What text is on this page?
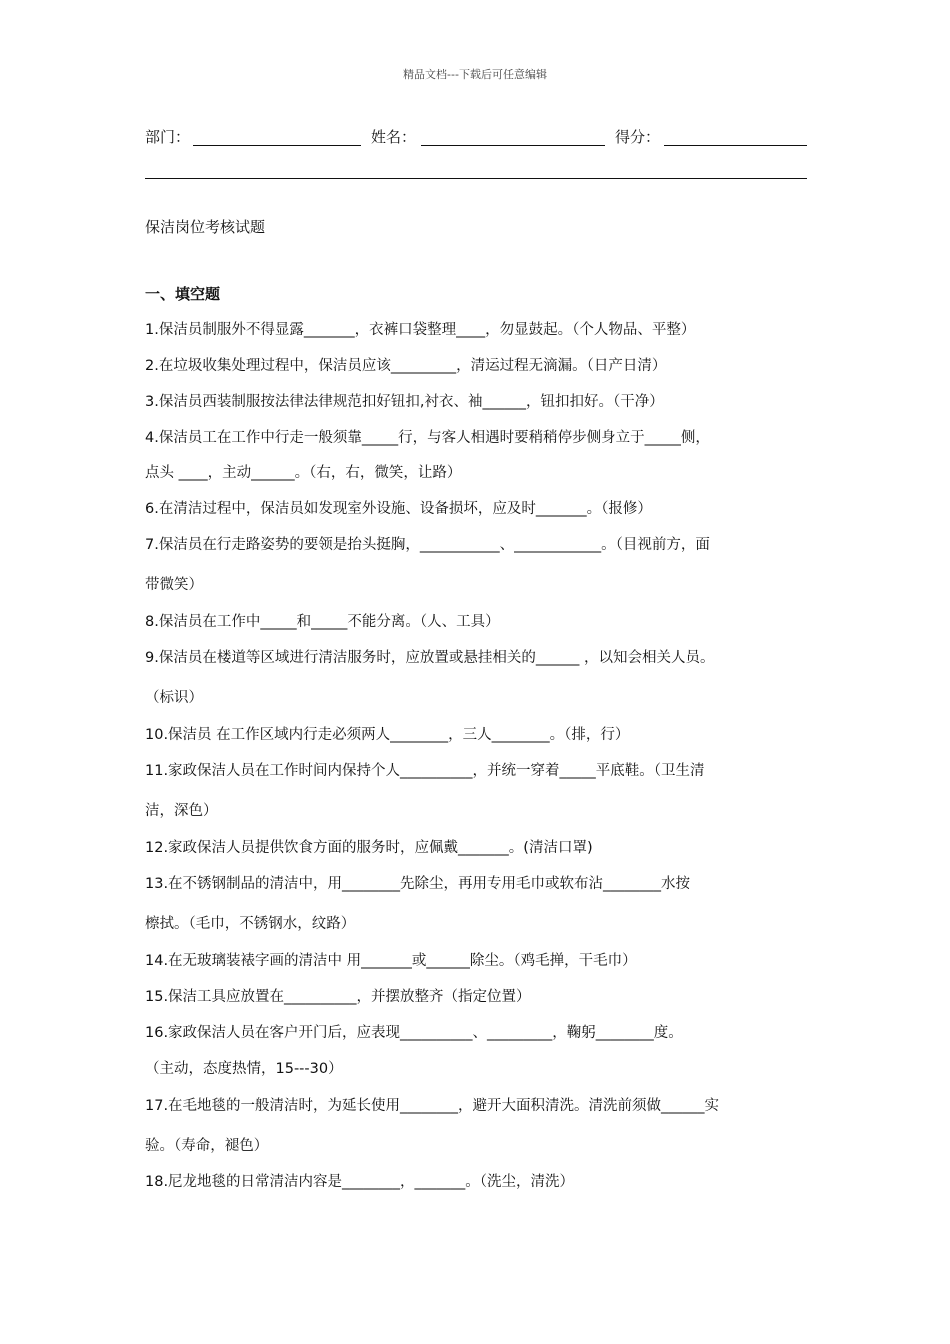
精品文档---下载后可任意编辑
部门：	姓名：	得分：
保洁岗位考核试题
一、填空题
1.保洁员制服外不得显露_______，衣裤口袋整理____，勿显鼓起。（个人物品、平整）
2.在垃圾收集处理过程中，保洁员应该_________，清运过程无滴漏。（日产日清）
3.保洁员西装制服按法律法律规范扣好钮扣,衬衣、袖______，钮扣扣好。（干净）
4.保洁员工在工作中行走一般须靠_____行，与客人相遇时要稍稍停步侧身立于_____侧，
点头 ____，主动______。（右，右，微笑，让路）
6.在清洁过程中，保洁员如发现室外设施、设备损坏，应及时_______。（报修）
7.保洁员在行走路姿势的要领是抬头挺胸，___________、____________。（目视前方，面
带微笑）
8.保洁员在工作中_____和_____不能分离。（人、工具）
9.保洁员在楼道等区域进行清洁服务时，应放置或悬挂相关的______ ，以知会相关人员。
（标识）
10.保洁员 在工作区域内行走必须两人________，三人________。（排，行）
11.家政保洁人员在工作时间内保持个人__________，并统一穿着_____平底鞋。（卫生清
洁，深色）
12.家政保洁人员提供饮食方面的服务时，应佩戴_______。(清洁口罩)
13.在不锈钢制品的清洁中，用________先除尘，再用专用毛巾或软布沾________水按
檫拭。（毛巾，不锈钢水，纹路）
14.在无玻璃装裱字画的清洁中 用_______或______除尘。（鸡毛掸，干毛巾）
15.保洁工具应放置在__________，并摆放整齐（指定位置）
16.家政保洁人员在客户开门后，应表现__________、_________，鞠躬________度。
（主动，态度热情，15---30）
17.在毛地毯的一般清洁时，为延长使用________，避开大面积清洗。清洗前须做______实
验。（寿命，褪色）
18.尼龙地毯的日常清洁内容是________，_______。（洗尘，清洗）
